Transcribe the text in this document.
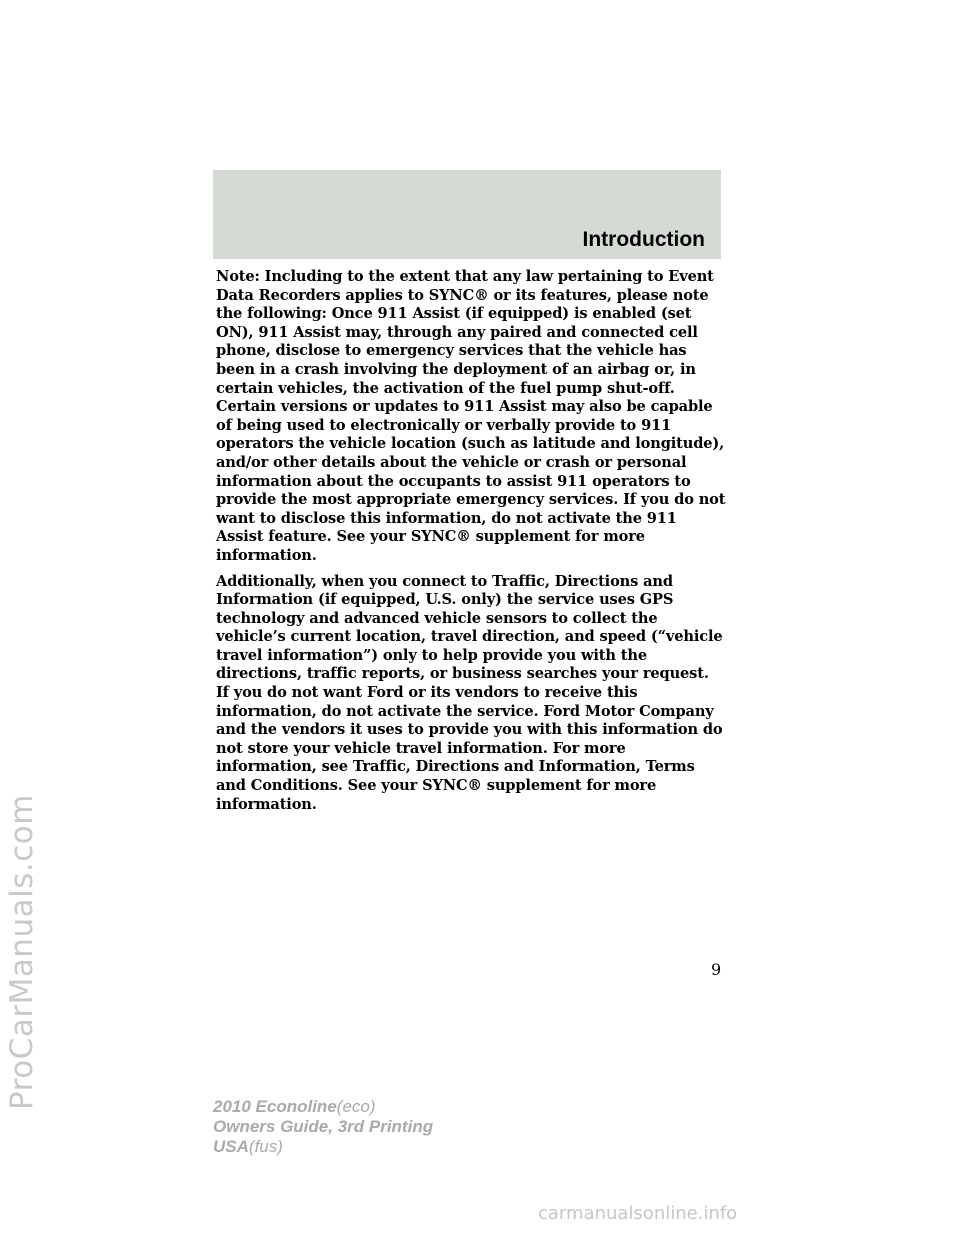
ProCarManuals.com
Introduction

Note: Including to the extent that any law pertaining to Event Data Recorders applies to SYNC® or its features, please note the following: Once 911 Assist (if equipped) is enabled (set ON), 911 Assist may, through any paired and connected cell phone, disclose to emergency services that the vehicle has been in a crash involving the deployment of an airbag or, in certain vehicles, the activation of the fuel pump shut-off. Certain versions or updates to 911 Assist may also be capable of being used to electronically or verbally provide to 911 operators the vehicle location (such as latitude and longitude), and/or other details about the vehicle or crash or personal information about the occupants to assist 911 operators to provide the most appropriate emergency services. If you do not want to disclose this information, do not activate the 911 Assist feature. See your SYNC® supplement for more information.

Additionally, when you connect to Traffic, Directions and Information (if equipped, U.S. only) the service uses GPS technology and advanced vehicle sensors to collect the vehicle’s current location, travel direction, and speed (“vehicle travel information”) only to help provide you with the directions, traffic reports, or business searches your request. If you do not want Ford or its vendors to receive this information, do not activate the service. Ford Motor Company and the vendors it uses to provide you with this information do not store your vehicle travel information. For more information, see Traffic, Directions and Information, Terms and Conditions. See your SYNC® supplement for more information.

9
2010 Econoline(eco)
Owners Guide, 3rd Printing
USA(fus)
carmanualsonline.info
